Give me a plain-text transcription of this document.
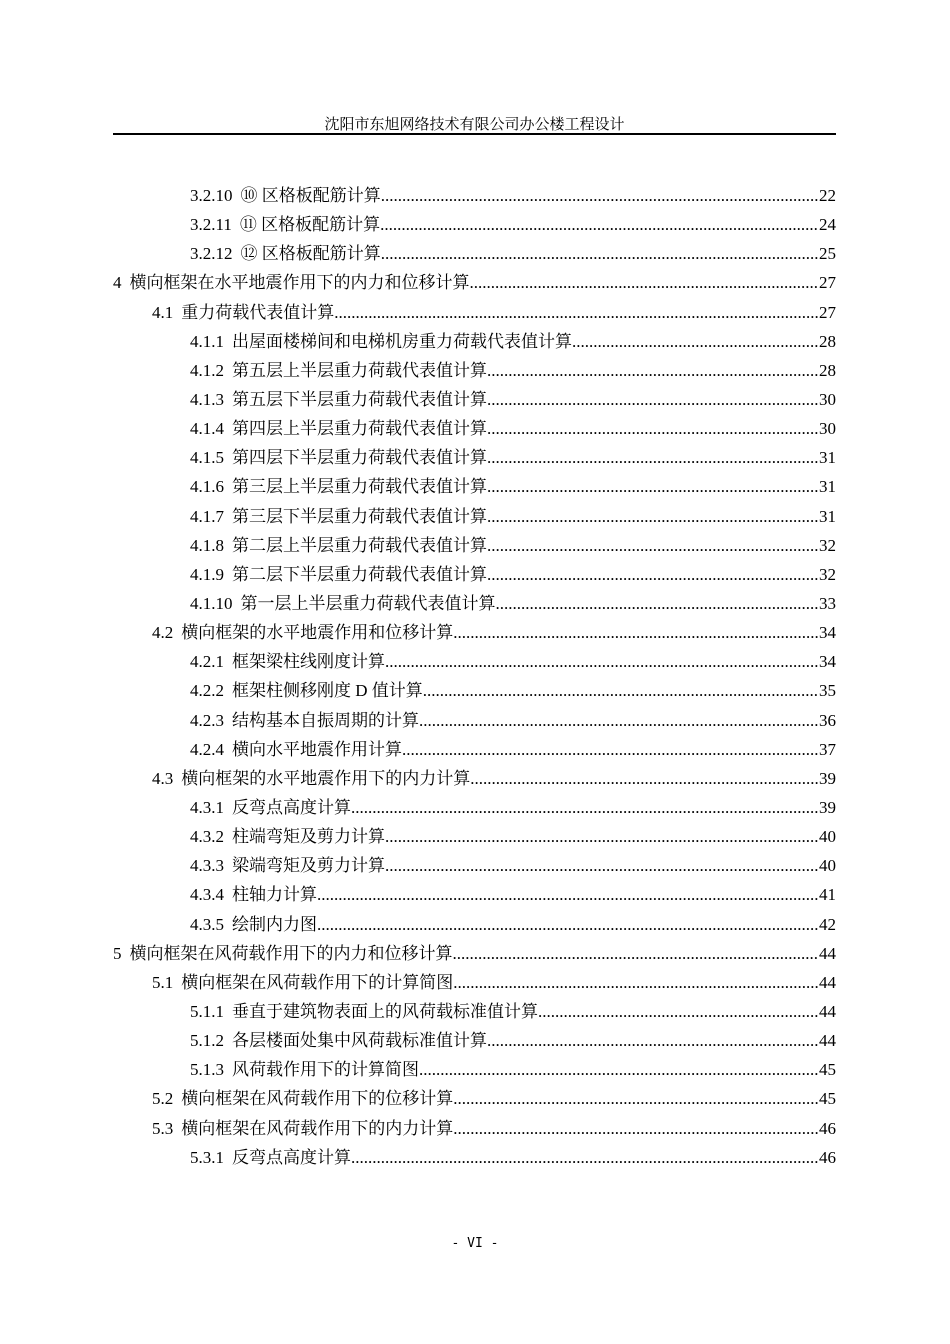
沈阳市东旭网络技术有限公司办公楼工程设计
3.2.10 ⑩ 区格板配筋计算 .....	22
3.2.11 ⑪ 区格板配筋计算 .....	24
3.2.12 ⑫ 区格板配筋计算 .....	25
4 横向框架在水平地震作用下的内力和位移计算 .....	27
4.1 重力荷载代表值计算 .....	27
4.1.1 出屋面楼梯间和电梯机房重力荷载代表值计算 .....	28
4.1.2 第五层上半层重力荷载代表值计算 .....	28
4.1.3 第五层下半层重力荷载代表值计算 .....	30
4.1.4 第四层上半层重力荷载代表值计算 .....	30
4.1.5 第四层下半层重力荷载代表值计算 .....	31
4.1.6 第三层上半层重力荷载代表值计算 .....	31
4.1.7 第三层下半层重力荷载代表值计算 .....	31
4.1.8 第二层上半层重力荷载代表值计算 .....	32
4.1.9 第二层下半层重力荷载代表值计算 .....	32
4.1.10 第一层上半层重力荷载代表值计算 .....	33
4.2 横向框架的水平地震作用和位移计算 .....	34
4.2.1 框架梁柱线刚度计算 .....	34
4.2.2 框架柱侧移刚度 D 值计算 .....	35
4.2.3 结构基本自振周期的计算 .....	36
4.2.4 横向水平地震作用计算 .....	37
4.3 横向框架的水平地震作用下的内力计算 .....	39
4.3.1 反弯点高度计算 .....	39
4.3.2 柱端弯矩及剪力计算 .....	40
4.3.3 梁端弯矩及剪力计算 .....	40
4.3.4 柱轴力计算 .....	41
4.3.5 绘制内力图 .....	42
5 横向框架在风荷载作用下的内力和位移计算 .....	44
5.1 横向框架在风荷载作用下的计算简图 .....	44
5.1.1 垂直于建筑物表面上的风荷载标准值计算 .....	44
5.1.2 各层楼面处集中风荷载标准值计算 .....	44
5.1.3 风荷载作用下的计算简图 .....	45
5.2 横向框架在风荷载作用下的位移计算 .....	45
5.3 横向框架在风荷载作用下的内力计算 .....	46
5.3.1 反弯点高度计算 .....	46
- VI -
